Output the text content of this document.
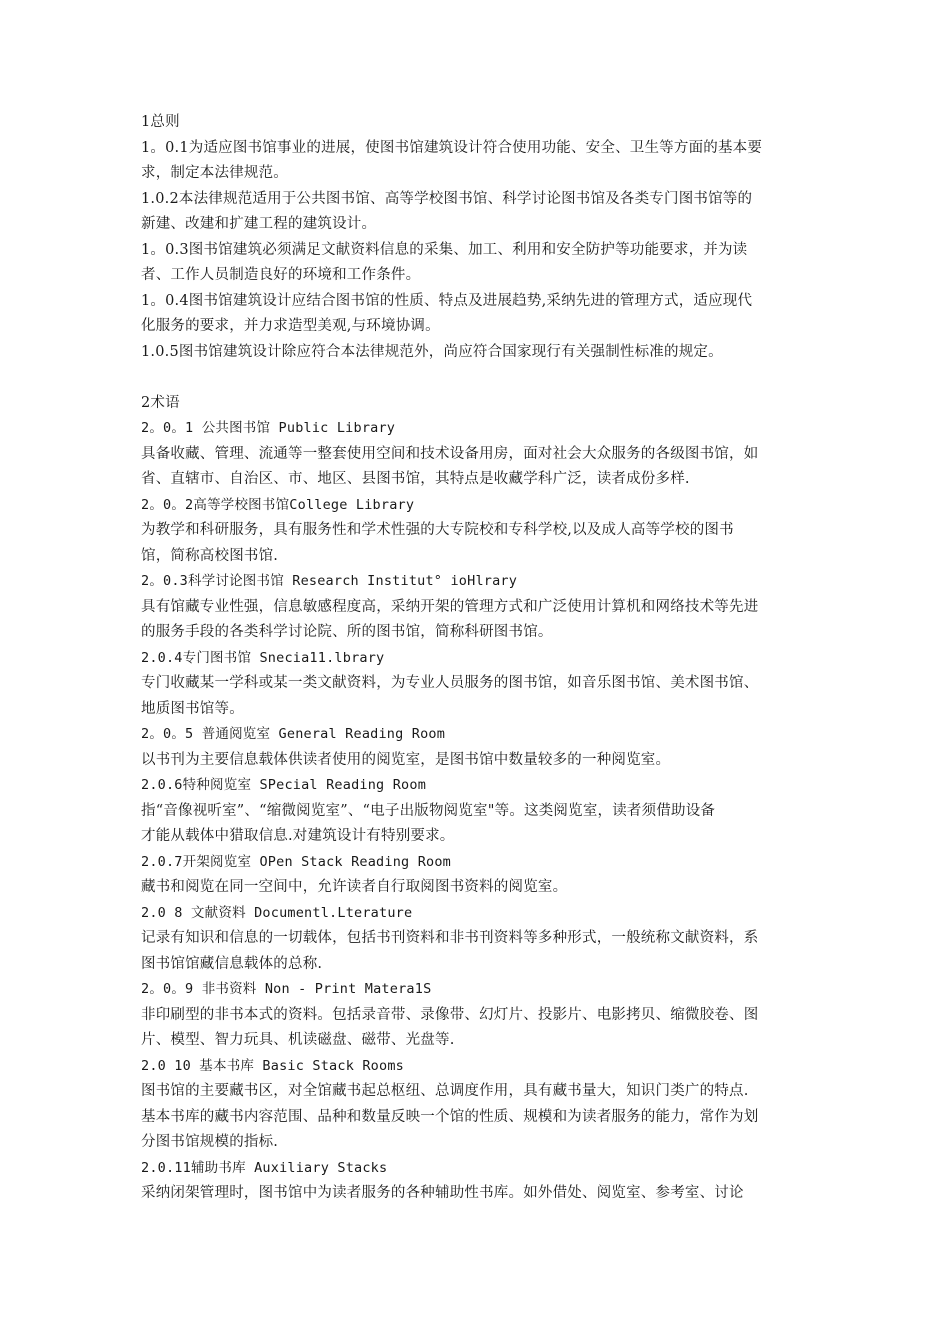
1总则
1。0.1为适应图书馆事业的进展，使图书馆建筑设计符合使用功能、安全、卫生等方面的基本要
求，制定本法律规范。
1.0.2本法律规范适用于公共图书馆、高等学校图书馆、科学讨论图书馆及各类专门图书馆等的
新建、改建和扩建工程的建筑设计。
1。0.3图书馆建筑必须满足文献资料信息的采集、加工、利用和安全防护等功能要求，并为读
者、工作人员制造良好的环境和工作条件。
1。0.4图书馆建筑设计应结合图书馆的性质、特点及进展趋势,采纳先进的管理方式，适应现代
化服务的要求，并力求造型美观,与环境协调。
1.0.5图书馆建筑设计除应符合本法律规范外，尚应符合国家现行有关强制性标准的规定。
2术语
2。0。1 公共图书馆 Public Library
具备收藏、管理、流通等一整套使用空间和技术设备用房，面对社会大众服务的各级图书馆，如
省、直辖市、自治区、市、地区、县图书馆，其特点是收藏学科广泛，读者成份多样.
2。0。2高等学校图书馆College Library
为教学和科研服务，具有服务性和学术性强的大专院校和专科学校,以及成人高等学校的图书
馆，简称高校图书馆.
2。0.3科学讨论图书馆 Research Institut° ioHlrary
具有馆藏专业性强，信息敏感程度高，采纳开架的管理方式和广泛使用计算机和网络技术等先进
的服务手段的各类科学讨论院、所的图书馆，简称科研图书馆。
2.0.4专门图书馆 Snecia11.lbrary
专门收藏某一学科或某一类文献资料，为专业人员服务的图书馆，如音乐图书馆、美术图书馆、
地质图书馆等。
2。0。5 普通阅览室 General Reading Room
以书刊为主要信息载体供读者使用的阅览室，是图书馆中数量较多的一种阅览室。
2.0.6特种阅览室 SPecial Reading Room
指“音像视听室”、“缩微阅览室”、“电子出版物阅览室"等。这类阅览室，读者须借助设备
才能从载体中猎取信息.对建筑设计有特别要求。
2.0.7开架阅览室 OPen Stack Reading Room
藏书和阅览在同一空间中，允许读者自行取阅图书资料的阅览室。
2.0 8 文献资料 Documentl.Lterature
记录有知识和信息的一切载体，包括书刊资料和非书刊资料等多种形式，一般统称文献资料，系
图书馆馆藏信息载体的总称.
2。0。9 非书资料 Non - Print Matera1S
非印刷型的非书本式的资料。包括录音带、录像带、幻灯片、投影片、电影拷贝、缩微胶卷、图
片、模型、智力玩具、机读磁盘、磁带、光盘等.
2.0 10 基本书库 Basic Stack Rooms
图书馆的主要藏书区，对全馆藏书起总枢纽、总调度作用，具有藏书量大，知识门类广的特点.
基本书库的藏书内容范围、品种和数量反映一个馆的性质、规模和为读者服务的能力，常作为划
分图书馆规模的指标.
2.0.11辅助书库 Auxiliary Stacks
采纳闭架管理时，图书馆中为读者服务的各种辅助性书库。如外借处、阅览室、参考室、讨论
